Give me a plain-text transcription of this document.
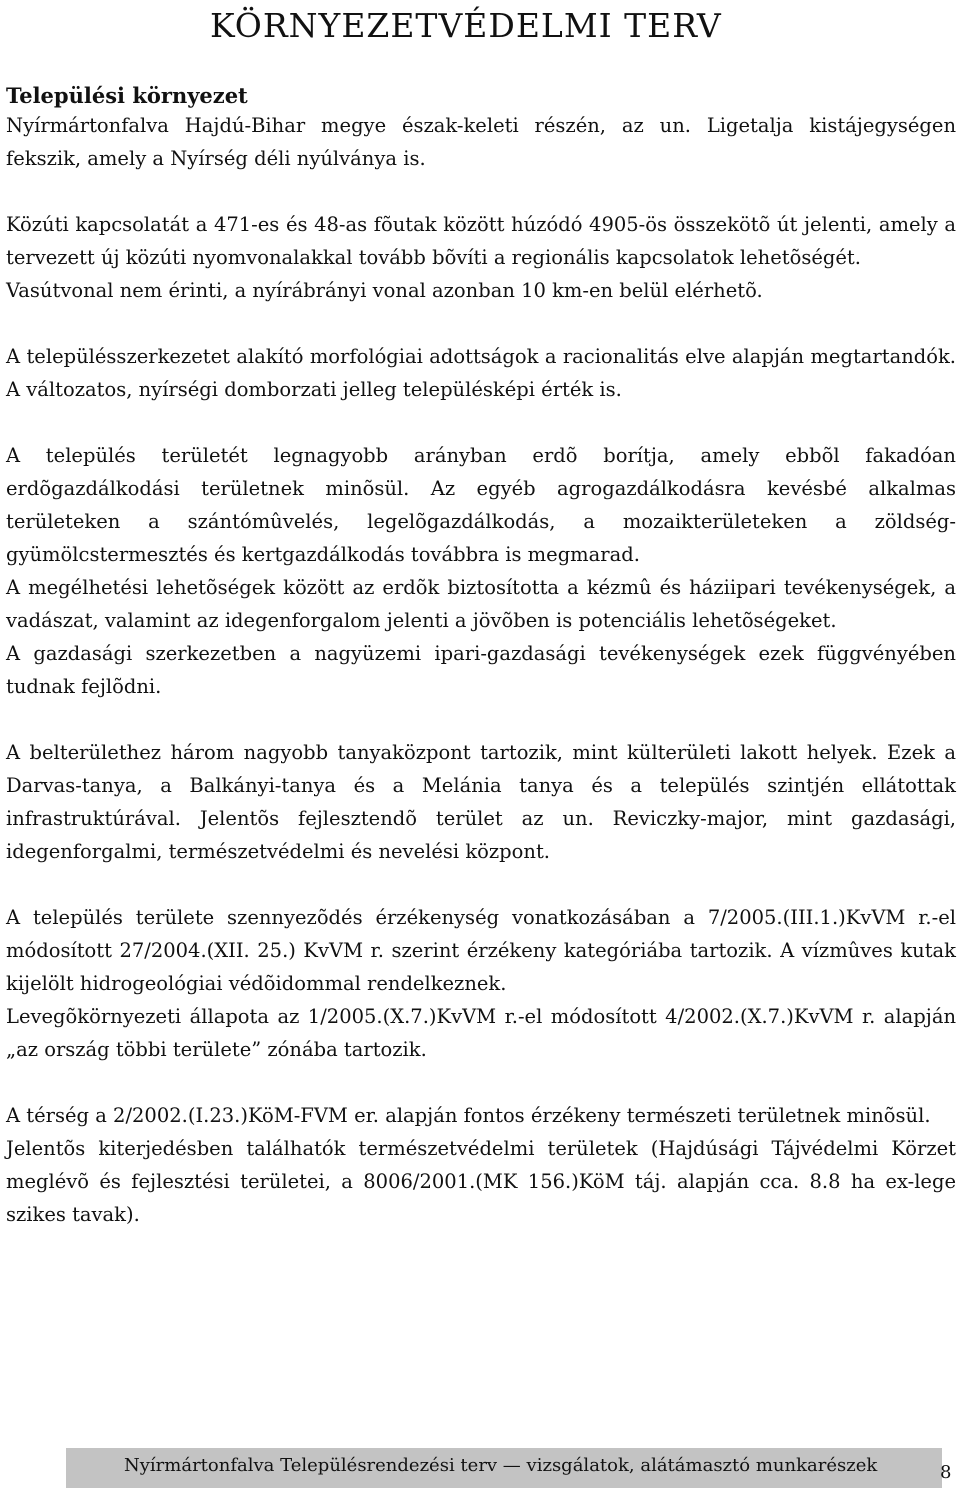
KÖRNYEZETVÉDELMI TERV
Települési környezet

Nyírmártonfalva Hajdú-Bihar megye észak-keleti részén, az un. Ligetalja kistájegységen fekszik, amely a Nyírség déli nyúlványa is.

Közúti kapcsolatát a 471-es és 48-as fõutak között húzódó 4905-ös összekötõ út jelenti, amely a tervezett új közúti nyomvonalakkal tovább bõvíti a regionális kapcsolatok lehetõségét.

Vasútvonal nem érinti, a nyírábrányi vonal azonban 10 km-en belül elérhetõ.

A településszerkezetet alakító morfológiai adottságok a racionalitás elve alapján megtartandók. A változatos, nyírségi domborzati jelleg településképi érték is.

A település területét legnagyobb arányban erdõ borítja, amely ebbõl fakadóan erdõgazdálkodási területnek minõsül. Az egyéb agrogazdálkodásra kevésbé alkalmas területeken a szántómûvelés, legelõgazdálkodás, a mozaikterületeken a zöldség-gyümölcstermesztés és kertgazdálkodás továbbra is megmarad.

A megélhetési lehetõségek között az erdõk biztosította a kézmû és háziipari tevékenységek, a vadászat, valamint az idegenforgalom jelenti a jövõben is potenciális lehetõségeket.

A gazdasági szerkezetben a nagyüzemi ipari-gazdasági tevékenységek ezek függvényében tudnak fejlõdni.

A belterülethez három nagyobb tanyaközpont tartozik, mint külterületi lakott helyek. Ezek a Darvas-tanya, a Balkányi-tanya és a Melánia tanya és a település szintjén ellátottak infrastruktúrával. Jelentõs fejlesztendõ terület az un. Reviczky-major, mint gazdasági, idegenforgalmi, természetvédelmi és nevelési központ.

A település területe szennyezõdés érzékenység vonatkozásában a 7/2005.(III.1.)KvVM r.-el módosított 27/2004.(XII. 25.) KvVM r. szerint érzékeny kategóriába tartozik. A vízmûves kutak kijelölt hidrogeológiai védõidommal rendelkeznek.

Levegõkörnyezeti állapota az 1/2005.(X.7.)KvVM r.-el módosított 4/2002.(X.7.)KvVM r. alapján „az ország többi területe” zónába tartozik.

A térség a 2/2002.(I.23.)KöM-FVM er. alapján fontos érzékeny természeti területnek minõsül.

Jelentõs kiterjedésben találhatók természetvédelmi területek (Hajdúsági Tájvédelmi Körzet meglévõ és fejlesztési területei, a 8006/2001.(MK 156.)KöM táj. alapján cca. 8.8 ha ex-lege szikes tavak).

Nyírmártonfalva Településrendezési terv — vizsgálatok, alátámasztó munkarészek	8
